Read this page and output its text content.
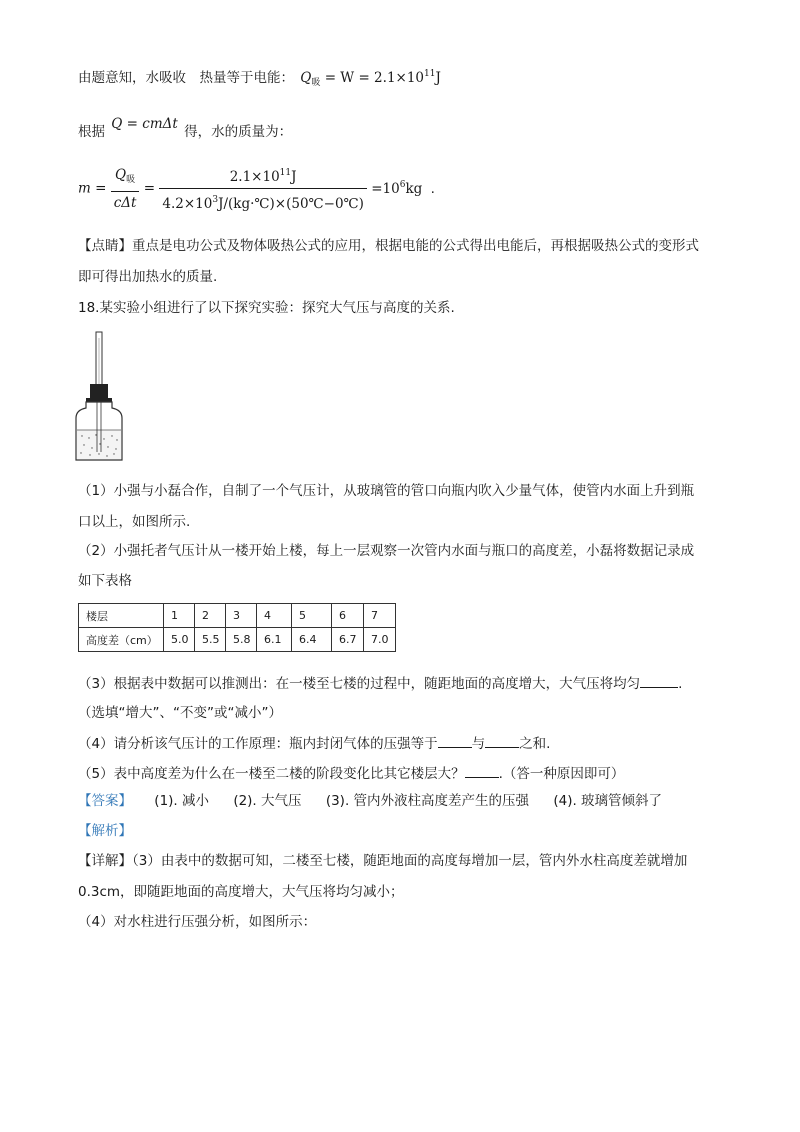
由题意知，水吸收　热量等于电能： $Q_吸 = W = 2.1\times 10^{11}J$
根据 Q = cmΔt 得，水的质量为：
$m = \frac{Q_吸}{\text{cΔt}} = \frac{2.1\times 10^{11}J}{4.2\times 10^3J/(kg\cdot℃)\times(50℃-0℃)} =10^6kg$ .
【点睛】重点是电功公式及物体吸热公式的应用，根据电能的公式得出电能后，再根据吸热公式的变形式
即可得出加热水的质量.
18.某实验小组进行了以下探究实验：探究大气压与高度的关系.
（1）小强与小磊合作，自制了一个气压计，从玻璃管的管口向瓶内吹入少量气体，使管内水面上升到瓶
口以上，如图所示.
（2）小强托者气压计从一楼开始上楼，每上一层观察一次管内水面与瓶口的高度差，小磊将数据记录成
如下表格
楼层	1	2	3	4	5	6	7
高度差（cm）	5.0	5.5	5.8	6.1	6.4	6.7	7.0
（3）根据表中数据可以推测出：在一楼至七楼的过程中，随距地面的高度增大，大气压将均匀	.
（选填“增大”、“不变”或“减小”）
（4）请分析该气压计的工作原理：瓶内封闭气体的压强等于	与	之和.
（5）表中高度差为什么在一楼至二楼的阶段变化比其它楼层大？	.（答一种原因即可）
【答案】 (1). 减小 (2). 大气压 (3). 管内外液柱高度差产生的压强 (4). 玻璃管倾斜了
【解析】
【详解】（3）由表中的数据可知，二楼至七楼，随距地面的高度每增加一层，管内外水柱高度差就增加
0.3cm，即随距地面的高度增大，大气压将均匀减小；
（4）对水柱进行压强分析，如图所示：
